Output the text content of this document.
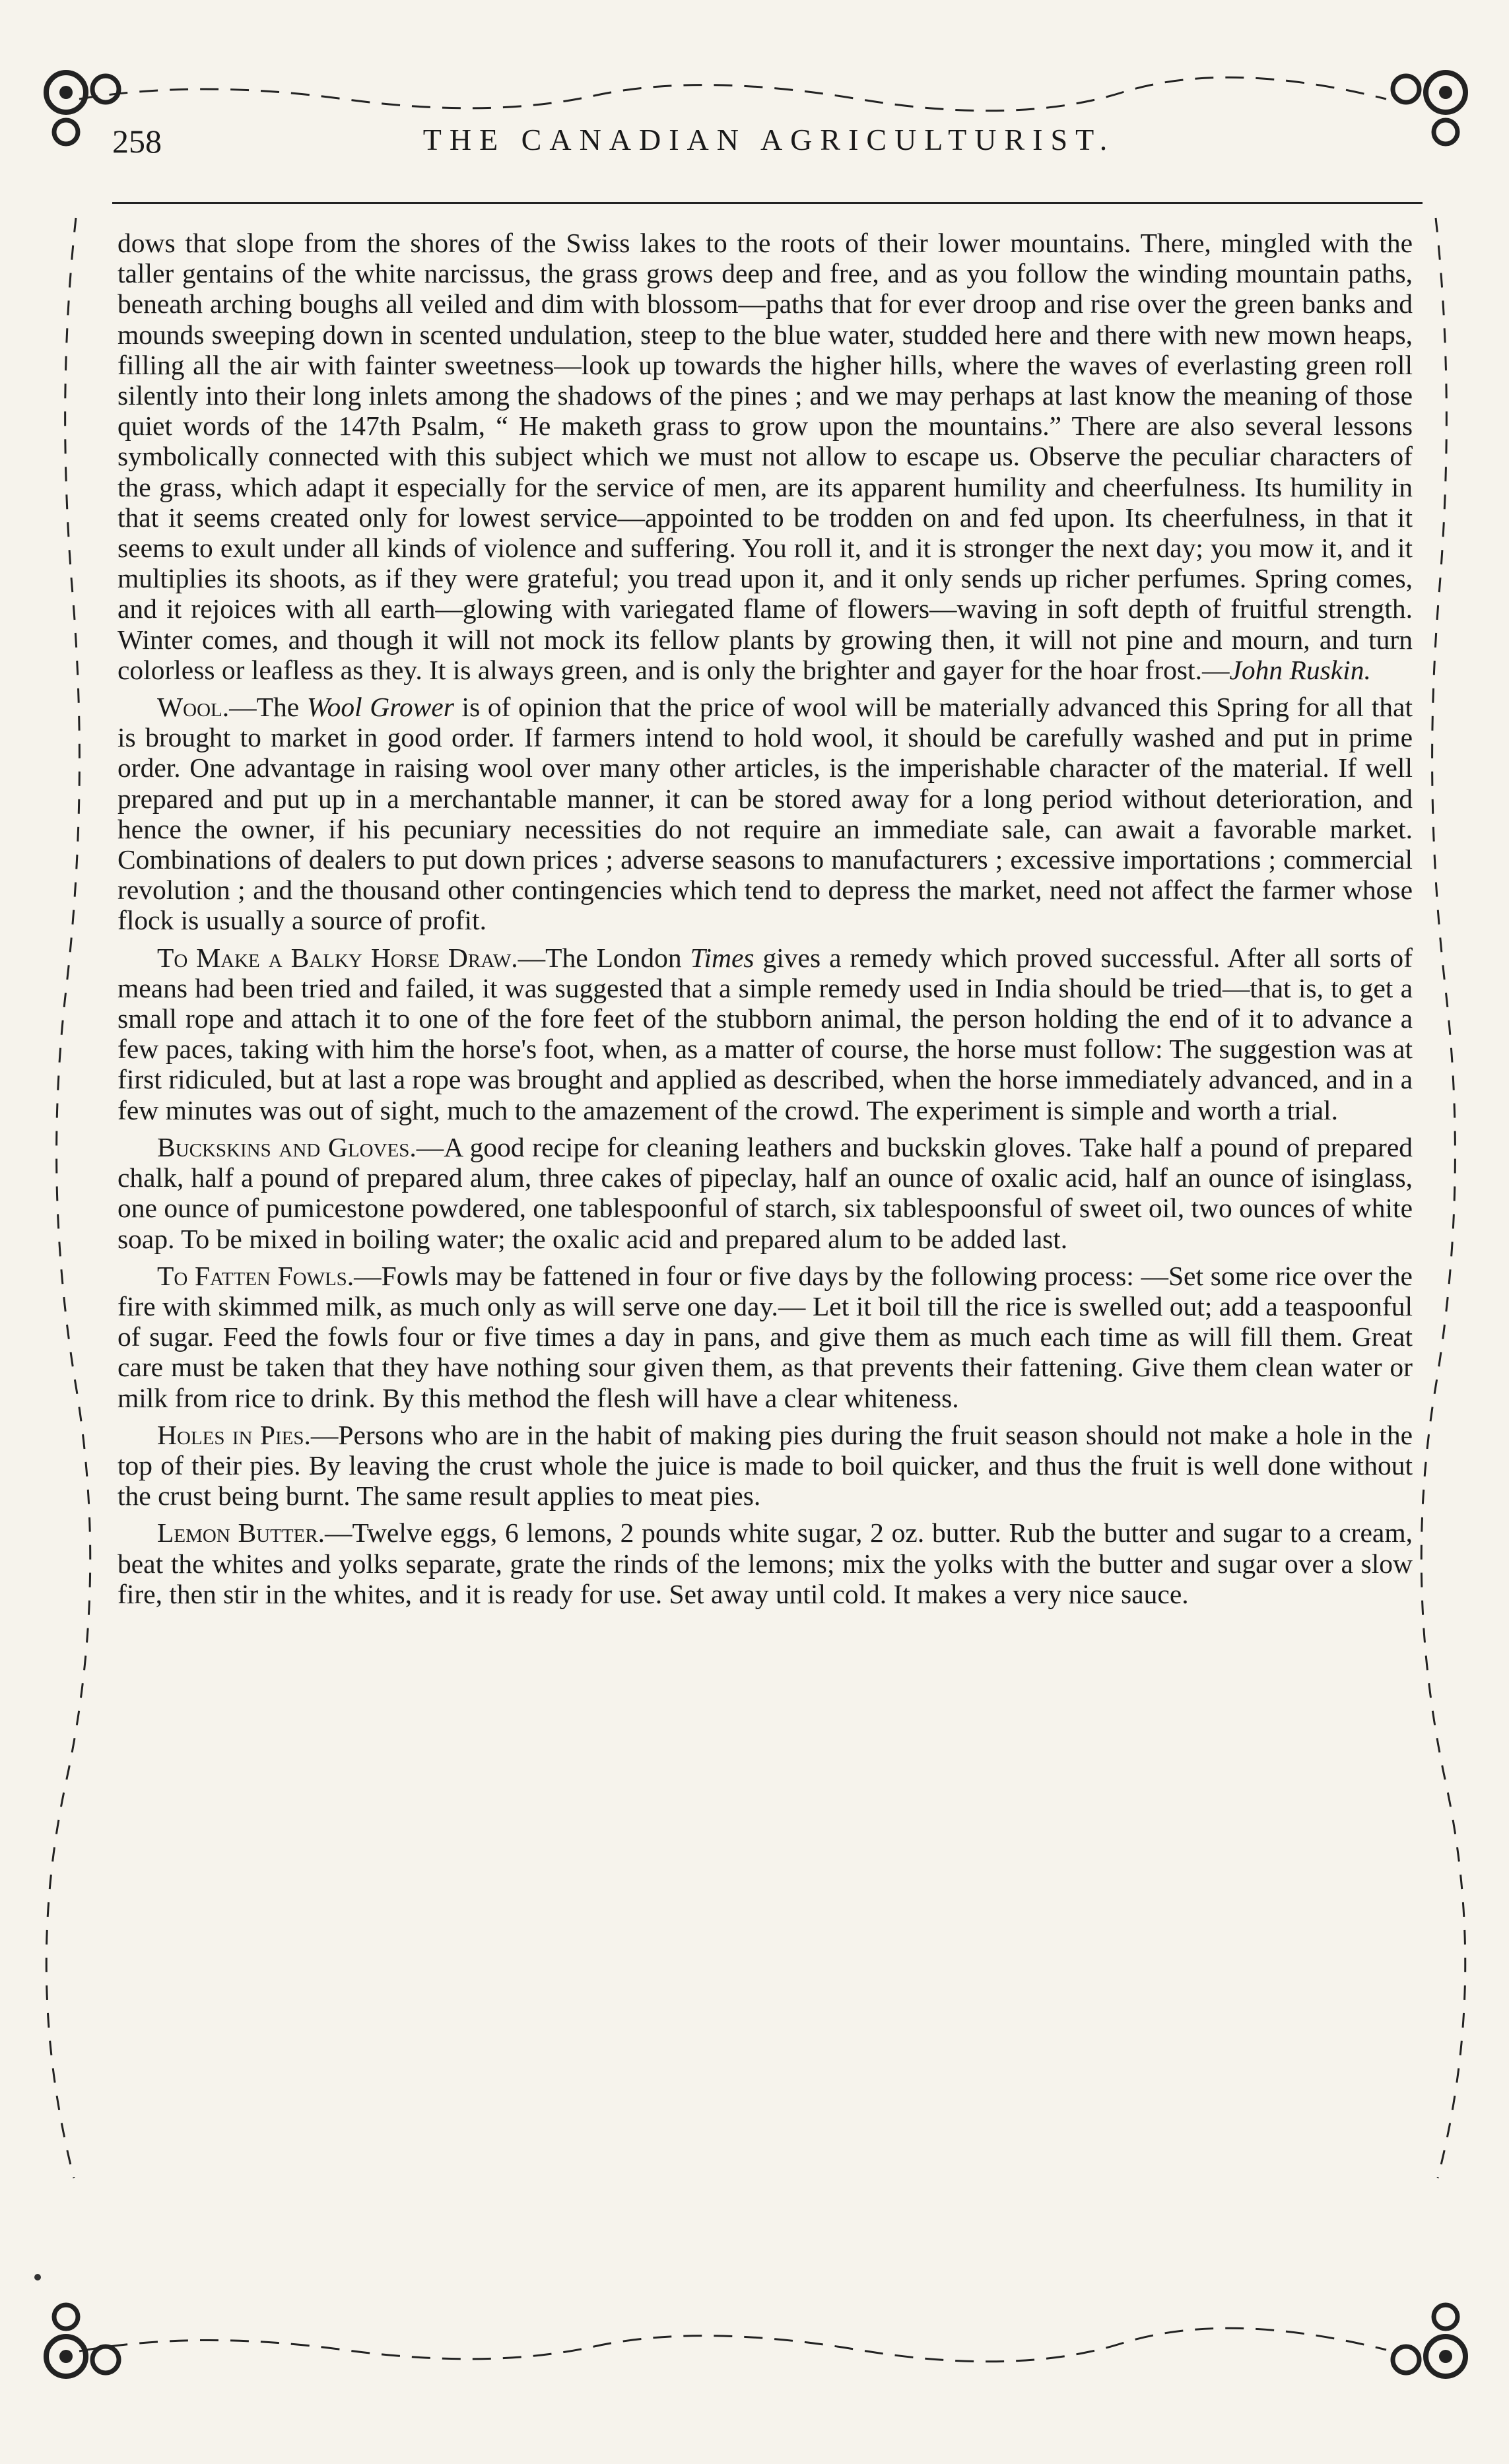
258	THE CANADIAN AGRICULTURIST.

dows that slope from the shores of the Swiss lakes to the roots of their lower mountains. There, mingled with the taller gentains of the white narcissus, the grass grows deep and free, and as you follow the winding mountain paths, beneath arching boughs all veiled and dim with blossom—paths that for ever droop and rise over the green banks and mounds sweeping down in scented undulation, steep to the blue water, studded here and there with new mown heaps, filling all the air with fainter sweetness—look up towards the higher hills, where the waves of everlasting green roll silently into their long inlets among the shadows of the pines ; and we may perhaps at last know the meaning of those quiet words of the 147th Psalm, “ He maketh grass to grow upon the mountains.” There are also several lessons symbolically connected with this subject which we must not allow to escape us. Observe the peculiar characters of the grass, which adapt it especially for the service of men, are its apparent humility and cheerfulness. Its humility in that it seems created only for lowest service—appointed to be trodden on and fed upon. Its cheerfulness, in that it seems to exult under all kinds of violence and suffering. You roll it, and it is stronger the next day; you mow it, and it multiplies its shoots, as if they were grateful; you tread upon it, and it only sends up richer perfumes. Spring comes, and it rejoices with all earth—glowing with variegated flame of flowers—waving in soft depth of fruitful strength. Winter comes, and though it will not mock its fellow plants by growing then, it will not pine and mourn, and turn colorless or leafless as they. It is always green, and is only the brighter and gayer for the hoar frost.—John Ruskin.

Wool.—The Wool Grower is of opinion that the price of wool will be materially advanced this Spring for all that is brought to market in good order. If farmers intend to hold wool, it should be carefully washed and put in prime order. One advantage in raising wool over many other articles, is the imperishable character of the material. If well prepared and put up in a merchantable manner, it can be stored away for a long period without deterioration, and hence the owner, if his pecuniary necessities do not require an immediate sale, can await a favorable market. Combinations of dealers to put down prices ; adverse seasons to manufacturers ; excessive importations ; commercial revolution ; and the thousand other contingencies which tend to depress the market, need not affect the farmer whose flock is usually a source of profit.

To Make a Balky Horse Draw.—The London Times gives a remedy which proved successful. After all sorts of means had been tried and failed, it was suggested that a simple remedy used in India should be tried—that is, to get a small rope and attach it to one of the fore feet of the stubborn animal, the person holding the end of it to advance a few paces, taking with him the horse's foot, when, as a matter of course, the horse must follow: The suggestion was at first ridiculed, but at last a rope was brought and applied as described, when the horse immediately advanced, and in a few minutes was out of sight, much to the amazement of the crowd. The experiment is simple and worth a trial.

Buckskins and Gloves.—A good recipe for cleaning leathers and buckskin gloves. Take half a pound of prepared chalk, half a pound of prepared alum, three cakes of pipeclay, half an ounce of oxalic acid, half an ounce of isinglass, one ounce of pumicestone powdered, one tablespoonful of starch, six tablespoonsful of sweet oil, two ounces of white soap. To be mixed in boiling water; the oxalic acid and prepared alum to be added last.

To Fatten Fowls.—Fowls may be fattened in four or five days by the following process: —Set some rice over the fire with skimmed milk, as much only as will serve one day.— Let it boil till the rice is swelled out; add a teaspoonful of sugar. Feed the fowls four or five times a day in pans, and give them as much each time as will fill them. Great care must be taken that they have nothing sour given them, as that prevents their fattening. Give them clean water or milk from rice to drink. By this method the flesh will have a clear whiteness.

Holes in Pies.—Persons who are in the habit of making pies during the fruit season should not make a hole in the top of their pies. By leaving the crust whole the juice is made to boil quicker, and thus the fruit is well done without the crust being burnt. The same result applies to meat pies.

Lemon Butter.—Twelve eggs, 6 lemons, 2 pounds white sugar, 2 oz. butter. Rub the butter and sugar to a cream, beat the whites and yolks separate, grate the rinds of the lemons; mix the yolks with the butter and sugar over a slow fire, then stir in the whites, and it is ready for use. Set away until cold. It makes a very nice sauce.
